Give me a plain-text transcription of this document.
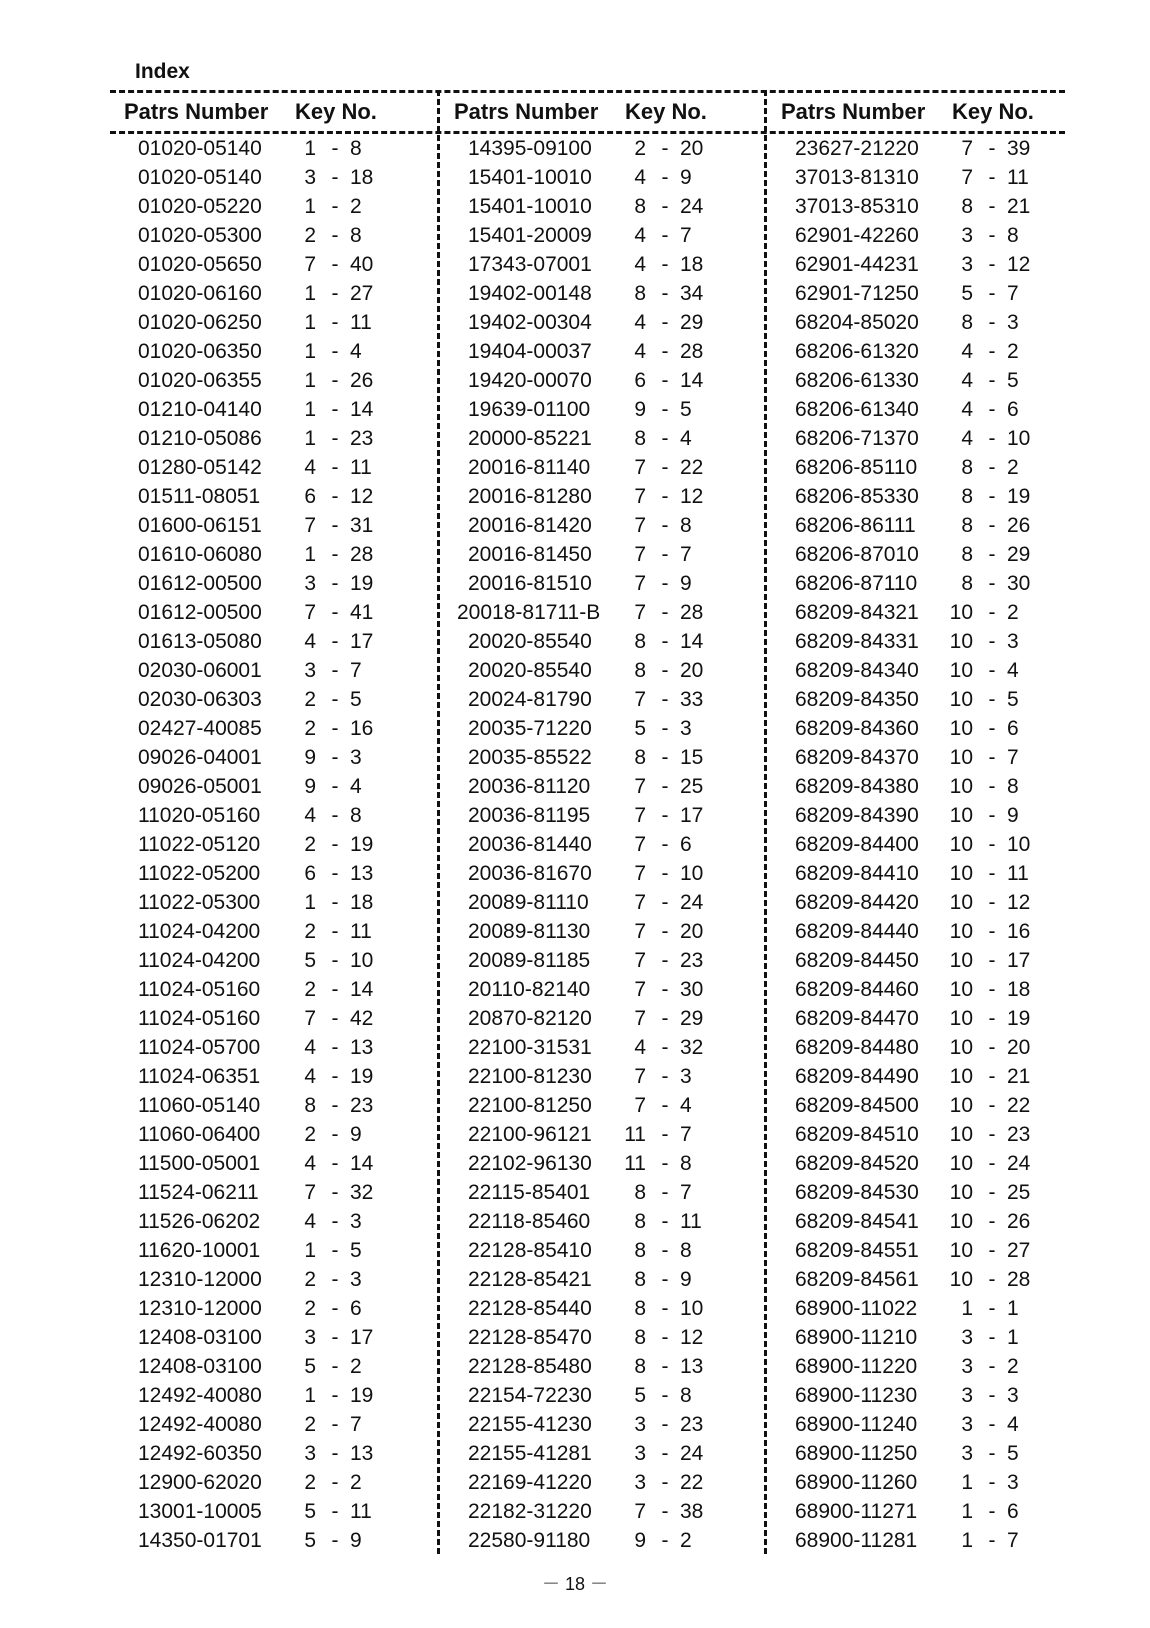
Index
Patrs Number Key No.
01020-05140	1 - 8
01020-05140	3 - 18
01020-05220	1 - 2
01020-05300	2 - 8
01020-05650	7 - 40
01020-06160	1 - 27
01020-06250	1 - 11
01020-06350	1 - 4
01020-06355	1 - 26
01210-04140	1 - 14
01210-05086	1 - 23
01280-05142	4 - 11
01511-08051	6 - 12
01600-06151	7 - 31
01610-06080	1 - 28
01612-00500	3 - 19
01612-00500	7 - 41
01613-05080	4 - 17
02030-06001	3 - 7
02030-06303	2 - 5
02427-40085	2 - 16
09026-04001	9 - 3
09026-05001	9 - 4
11020-05160	4 - 8
11022-05120	2 - 19
11022-05200	6 - 13
11022-05300	1 - 18
11024-04200	2 - 11
11024-04200	5 - 10
11024-05160	2 - 14
11024-05160	7 - 42
11024-05700	4 - 13
11024-06351	4 - 19
11060-05140	8 - 23
11060-06400	2 - 9
11500-05001	4 - 14
11524-06211	7 - 32
11526-06202	4 - 3
11620-10001	1 - 5
12310-12000	2 - 3
12310-12000	2 - 6
12408-03100	3 - 17
12408-03100	5 - 2
12492-40080	1 - 19
12492-40080	2 - 7
12492-60350	3 - 13
12900-62020	2 - 2
13001-10005	5 - 11
14350-01701	5 - 9
Patrs Number Key No.
14395-09100	2 - 20
15401-10010	4 - 9
15401-10010	8 - 24
15401-20009	4 - 7
17343-07001	4 - 18
19402-00148	8 - 34
19402-00304	4 - 29
19404-00037	4 - 28
19420-00070	6 - 14
19639-01100	9 - 5
20000-85221	8 - 4
20016-81140	7 - 22
20016-81280	7 - 12
20016-81420	7 - 8
20016-81450	7 - 7
20016-81510	7 - 9
20018-81711-B	7 - 28
20020-85540	8 - 14
20020-85540	8 - 20
20024-81790	7 - 33
20035-71220	5 - 3
20035-85522	8 - 15
20036-81120	7 - 25
20036-81195	7 - 17
20036-81440	7 - 6
20036-81670	7 - 10
20089-81110	7 - 24
20089-81130	7 - 20
20089-81185	7 - 23
20110-82140	7 - 30
20870-82120	7 - 29
22100-31531	4 - 32
22100-81230	7 - 3
22100-81250	7 - 4
22100-96121 11 - 7
22102-96130 11 - 8
22115-85401	8 - 7
22118-85460	8 - 11
22128-85410	8 - 8
22128-85421	8 - 9
22128-85440	8 - 10
22128-85470	8 - 12
22128-85480	8 - 13
22154-72230	5 - 8
22155-41230	3 - 23
22155-41281	3 - 24
22169-41220	3 - 22
22182-31220	7 - 38
22580-91180	9 - 2
Patrs Number Key No.
23627-21220	7 - 39
37013-81310	7 - 11
37013-85310	8 - 21
62901-42260	3 - 8
62901-44231	3 - 12
62901-71250	5 - 7
68204-85020	8 - 3
68206-61320	4 - 2
68206-61330	4 - 5
68206-61340	4 - 6
68206-71370	4 - 10
68206-85110	8 - 2
68206-85330	8 - 19
68206-86111	8 - 26
68206-87010	8 - 29
68206-87110	8 - 30
68209-84321 10 - 2
68209-84331 10 - 3
68209-84340 10 - 4
68209-84350 10 - 5
68209-84360 10 - 6
68209-84370 10 - 7
68209-84380 10 - 8
68209-84390 10 - 9
68209-84400 10 - 10
68209-84410 10 - 11
68209-84420 10 - 12
68209-84440 10 - 16
68209-84450 10 - 17
68209-84460 10 - 18
68209-84470 10 - 19
68209-84480 10 - 20
68209-84490 10 - 21
68209-84500 10 - 22
68209-84510 10 - 23
68209-84520 10 - 24
68209-84530 10 - 25
68209-84541 10 - 26
68209-84551 10 - 27
68209-84561 10 - 28
68900-11022	1 - 1
68900-11210	3 - 1
68900-11220	3 - 2
68900-11230	3 - 3
68900-11240	3 - 4
68900-11250	3 - 5
68900-11260	1 - 3
68900-11271	1 - 6
68900-11281	1 - 7
－ 18 －
